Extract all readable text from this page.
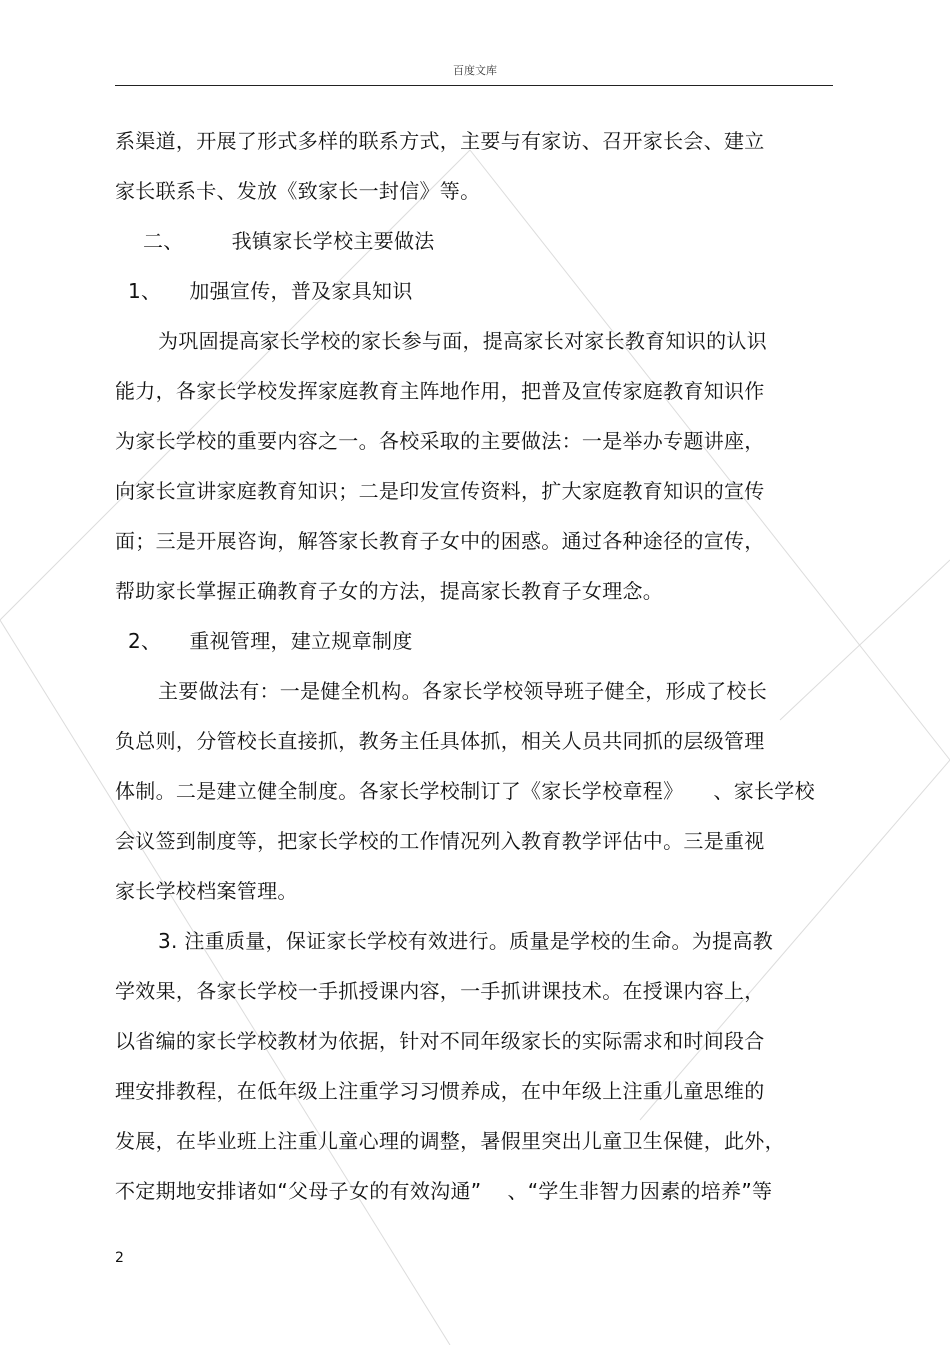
百度文库
系渠道，开展了形式多样的联系方式，主要与有家访、召开家长会、建立
家长联系卡、发放《致家长一封信》等。
二、 我镇家长学校主要做法
1、 加强宣传，普及家具知识
为巩固提高家长学校的家长参与面，提高家长对家长教育知识的认识
能力，各家长学校发挥家庭教育主阵地作用，把普及宣传家庭教育知识作
为家长学校的重要内容之一。各校采取的主要做法：一是举办专题讲座，
向家长宣讲家庭教育知识；二是印发宣传资料，扩大家庭教育知识的宣传
面；三是开展咨询，解答家长教育子女中的困惑。通过各种途径的宣传，
帮助家长掌握正确教育子女的方法，提高家长教育子女理念。
2、 重视管理，建立规章制度
主要做法有：一是健全机构。各家长学校领导班子健全，形成了校长
负总则，分管校长直接抓，教务主任具体抓，相关人员共同抓的层级管理
体制。二是建立健全制度。各家长学校制订了《家长学校章程》 、家长学校
会议签到制度等，把家长学校的工作情况列入教育教学评估中。三是重视
家长学校档案管理。
3. 注重质量，保证家长学校有效进行。质量是学校的生命。为提高教
学效果，各家长学校一手抓授课内容，一手抓讲课技术。在授课内容上，
以省编的家长学校教材为依据，针对不同年级家长的实际需求和时间段合
理安排教程，在低年级上注重学习习惯养成，在中年级上注重儿童思维的
发展，在毕业班上注重儿童心理的调整，暑假里突出儿童卫生保健，此外，
不定期地安排诸如“父母子女的有效沟通” 、“学生非智力因素的培养”等
2
